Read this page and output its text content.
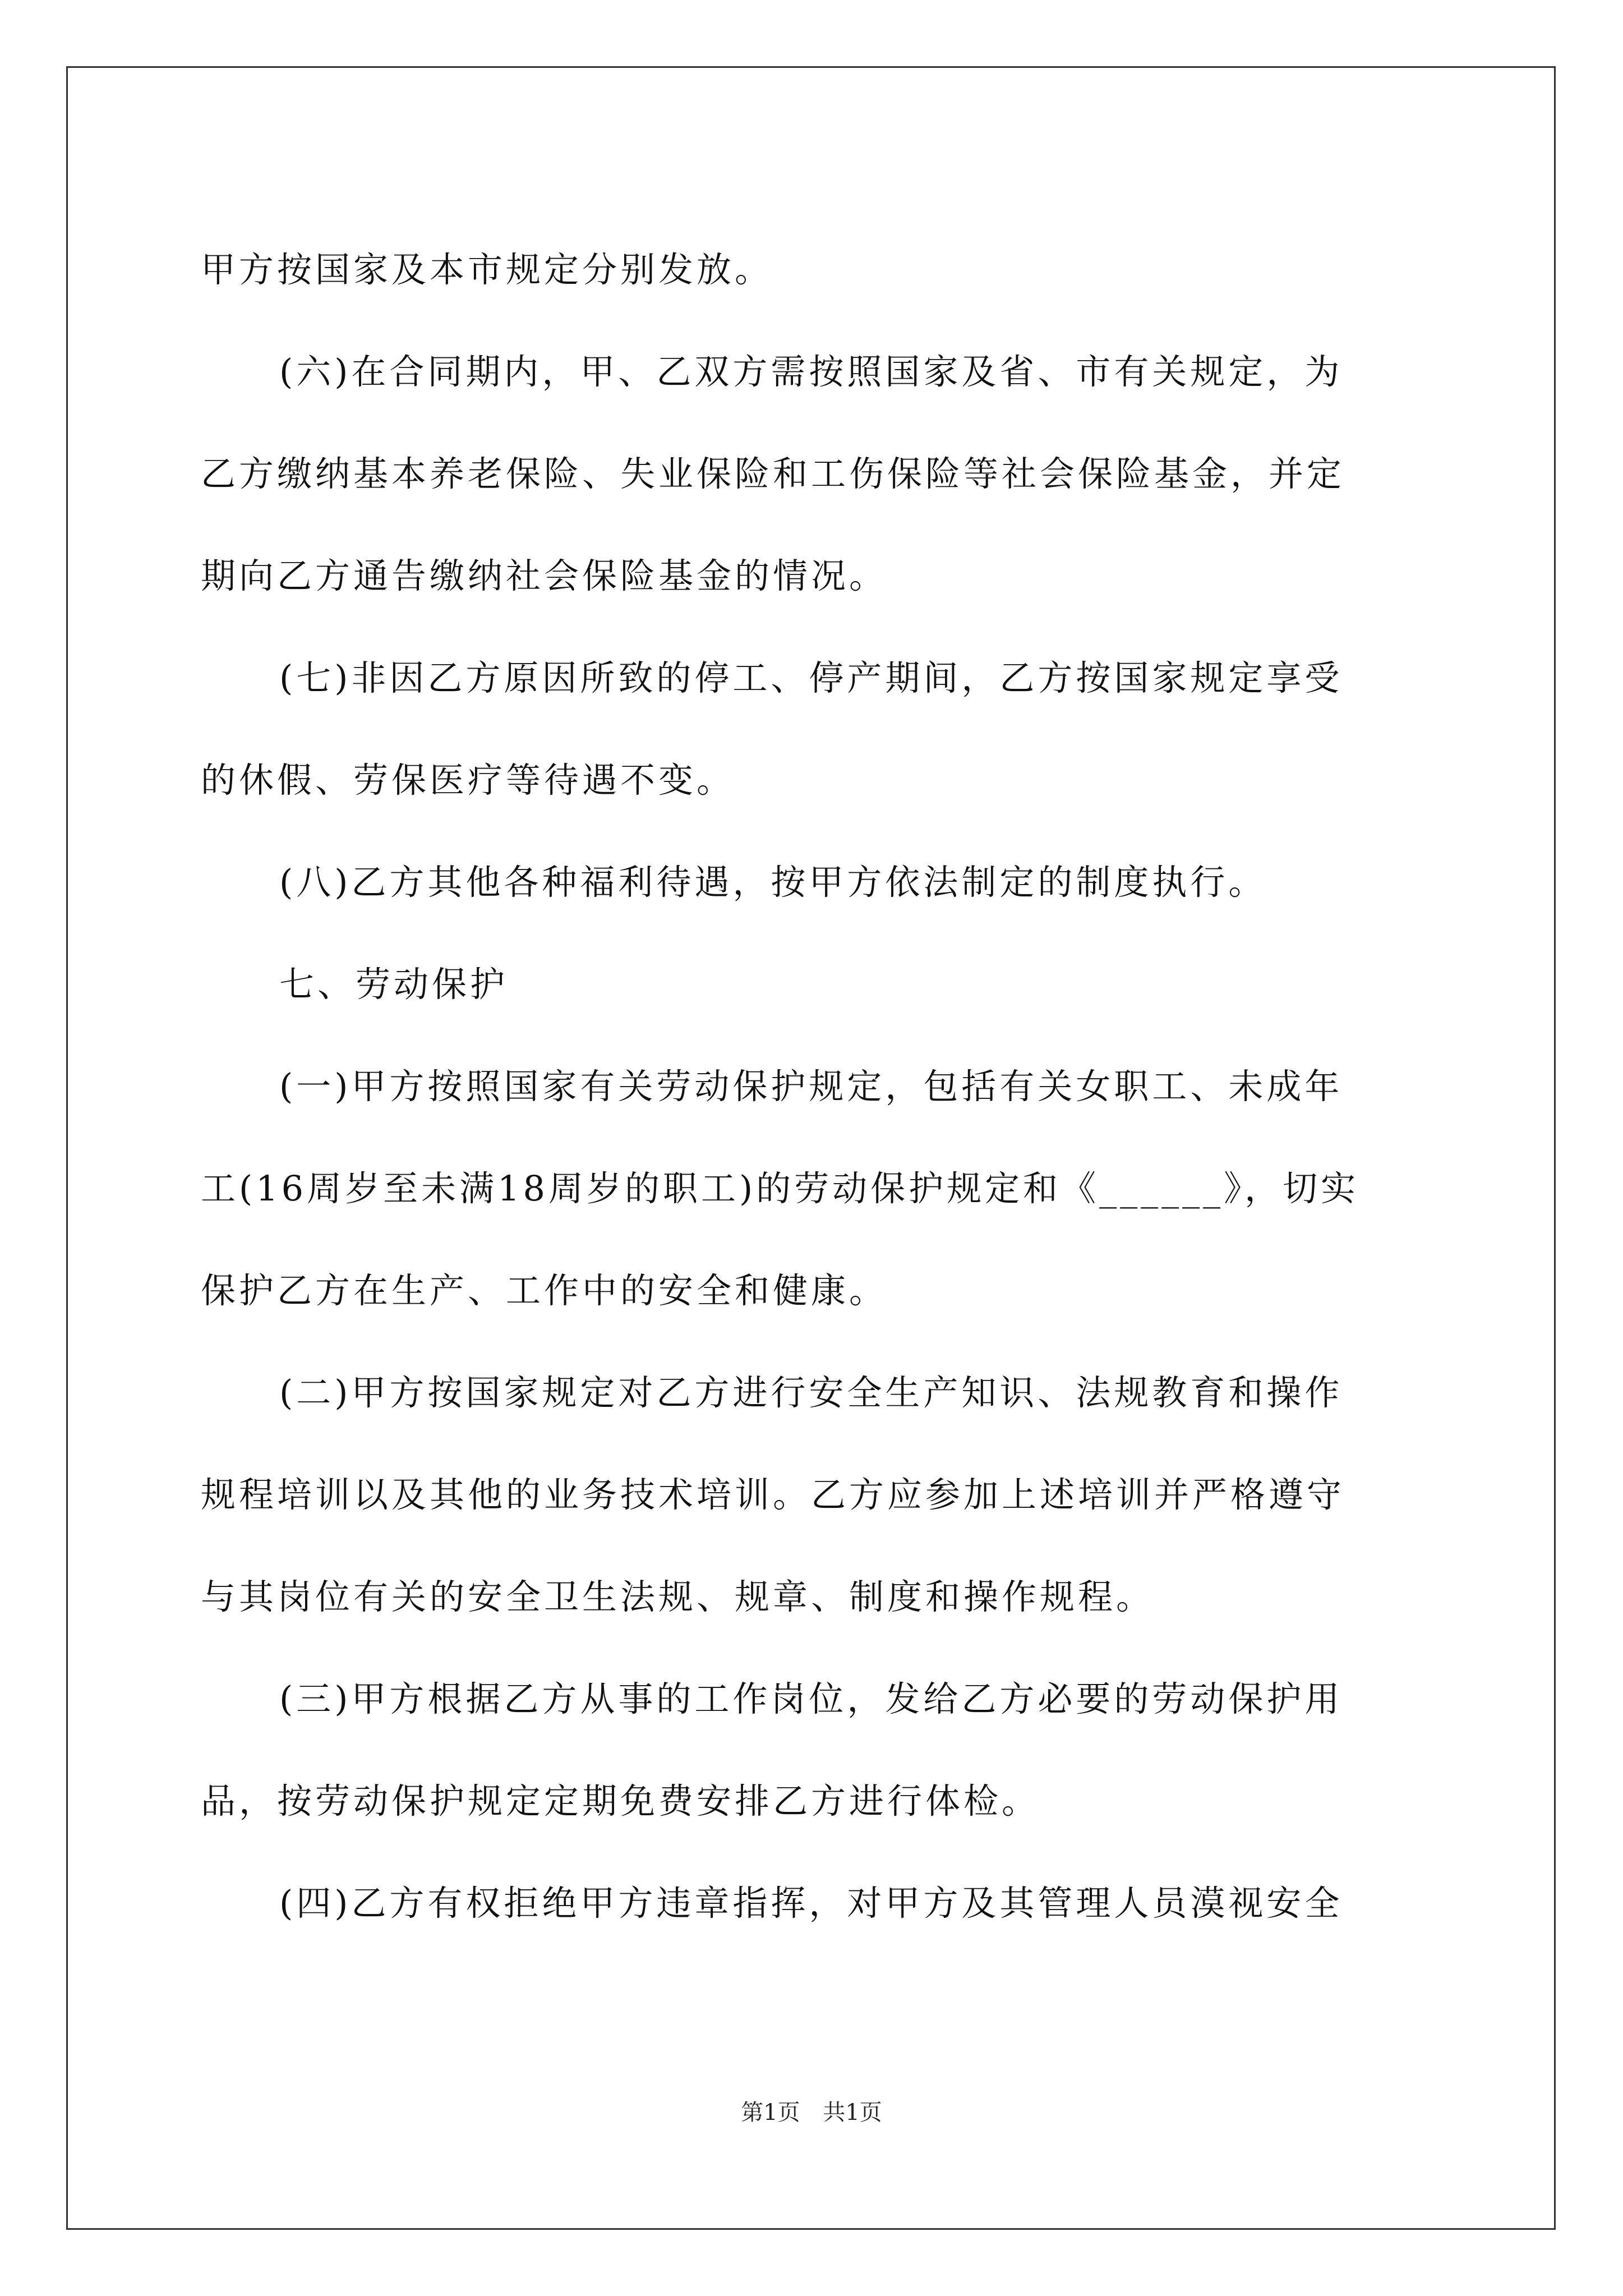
甲方按国家及本市规定分别发放。
(六)在合同期内，甲、乙双方需按照国家及省、市有关规定，为
乙方缴纳基本养老保险、失业保险和工伤保险等社会保险基金，并定
期向乙方通告缴纳社会保险基金的情况。
(七)非因乙方原因所致的停工、停产期间，乙方按国家规定享受
的休假、劳保医疗等待遇不变。
(八)乙方其他各种福利待遇，按甲方依法制定的制度执行。
七、劳动保护
(一)甲方按照国家有关劳动保护规定，包括有关女职工、未成年
工(16周岁至未满18周岁的职工)的劳动保护规定和《______》，切实
保护乙方在生产、工作中的安全和健康。
(二)甲方按国家规定对乙方进行安全生产知识、法规教育和操作
规程培训以及其他的业务技术培训。乙方应参加上述培训并严格遵守
与其岗位有关的安全卫生法规、规章、制度和操作规程。
(三)甲方根据乙方从事的工作岗位，发给乙方必要的劳动保护用
品，按劳动保护规定定期免费安排乙方进行体检。
(四)乙方有权拒绝甲方违章指挥，对甲方及其管理人员漠视安全
第1页 共1页
